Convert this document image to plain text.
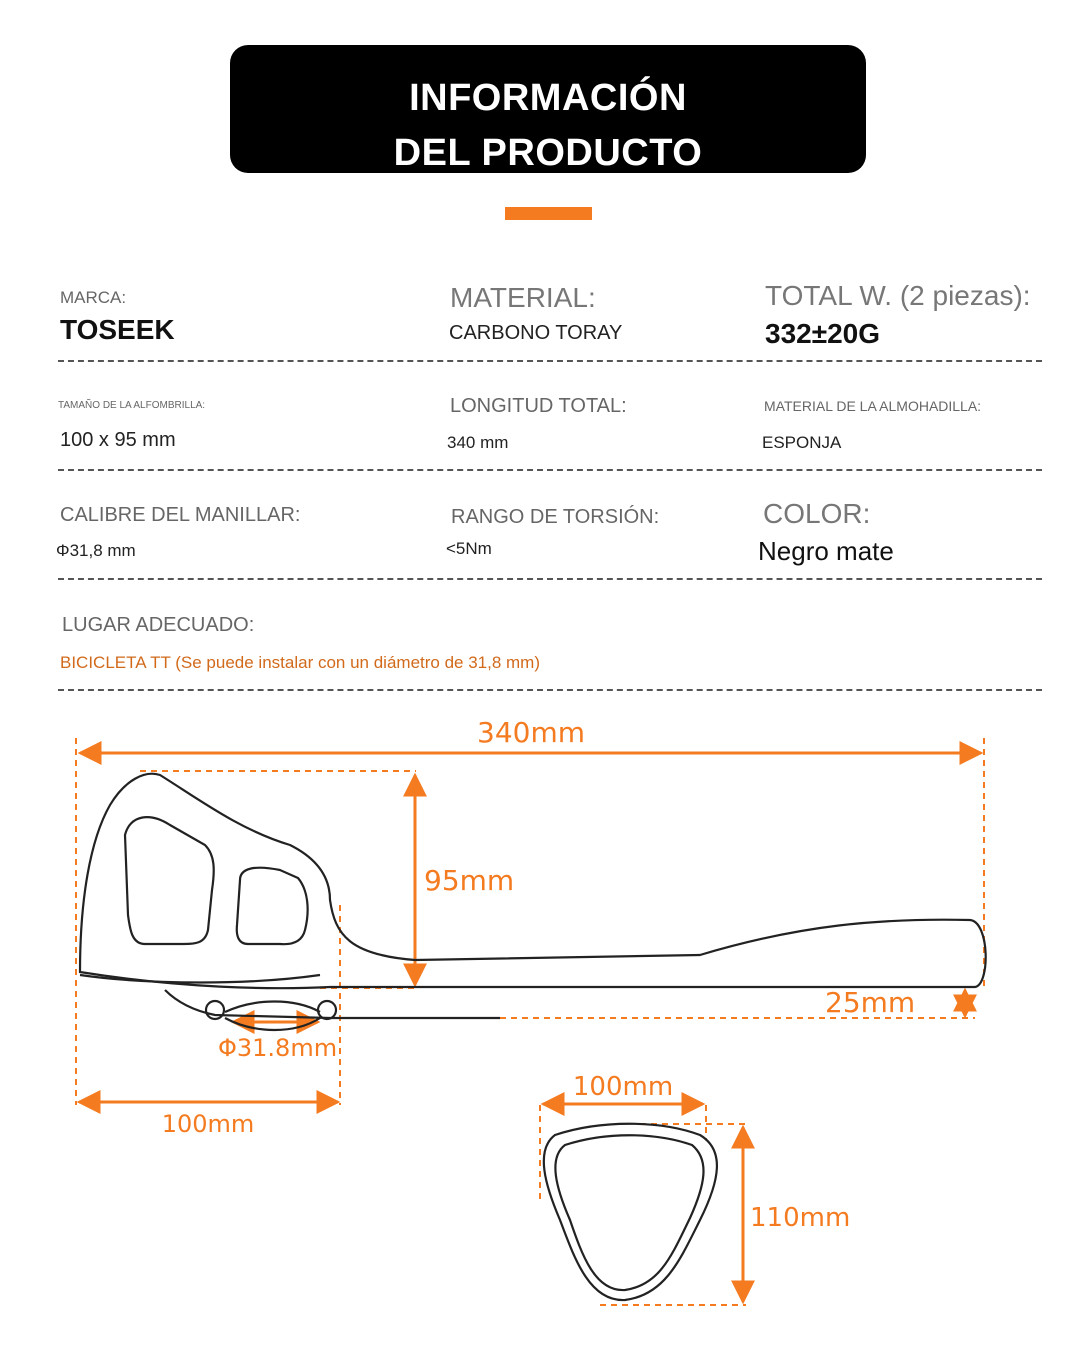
INFORMACIÓN
DEL PRODUCTO
MARCA:
TOSEEK
MATERIAL:
CARBONO TORAY
TOTAL W. (2 piezas):
332±20G
TAMAÑO DE LA ALFOMBRILLA:
100 x 95 mm
LONGITUD TOTAL:
340 mm
MATERIAL DE LA ALMOHADILLA:
ESPONJA
CALIBRE DEL MANILLAR:
Φ31,8 mm
RANGO DE TORSIÓN:
<5Nm
COLOR:
Negro mate
LUGAR ADECUADO:
BICICLETA TT (Se puede instalar con un diámetro de 31,8 mm)
340mm
95mm
25mm
Φ31.8mm
100mm
100mm
110mm
